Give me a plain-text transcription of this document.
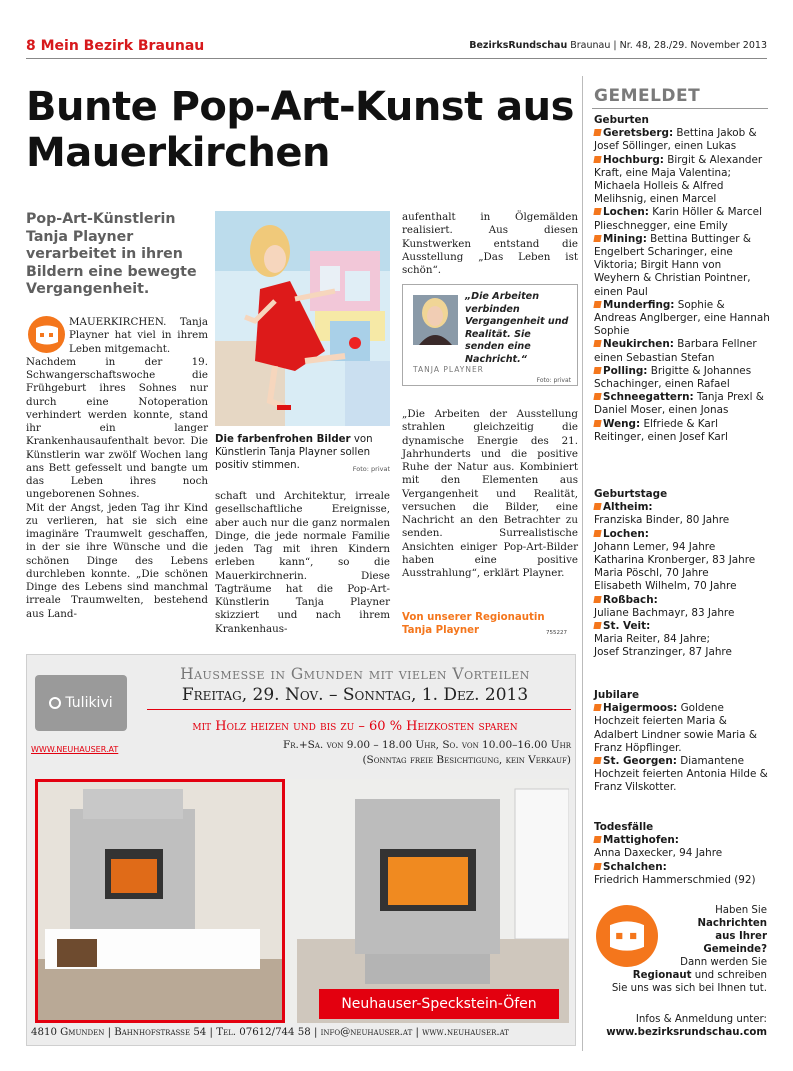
8 Mein Bezirk Braunau	BezirksRundschau Braunau | Nr. 48, 28./29. November 2013
Bunte Pop-Art-Kunst aus Mauerkirchen
Pop-Art-Künstlerin Tanja Playner verarbeitet in ihren Bildern eine bewegte Vergangenheit.

MAUERKIRCHEN. Tanja Playner hat viel in ihrem Leben mitgemacht.

Nachdem in der 19. Schwangerschaftswoche die Frühgeburt ihres Sohnes nur durch eine Notoperation verhindert werden konnte, stand ihr ein langer Krankenhausaufenthalt bevor. Die Künstlerin war zwölf Wochen lang ans Bett gefesselt und bangte um das Leben ihres noch ungeborenen Sohnes.

Mit der Angst, jeden Tag ihr Kind zu verlieren, hat sie sich eine imaginäre Traumwelt geschaffen, in der sie ihre Wünsche und die schönen Dinge des Lebens durchleben konnte. „Die schönen Dinge des Lebens sind manchmal irreale Traumwelten, bestehend aus Land-

Die farbenfrohen Bilder von Künstlerin Tanja Playner sollen positiv stimmen.	Foto: privat
schaft und Architektur, irreale gesellschaftliche Ereignisse, aber auch nur die ganz normalen Dinge, die jede normale Familie jeden Tag mit ihren Kindern erleben kann“, so die Mauerkirchnerin. Diese Tagträume hat die Pop-Art-Künstlerin Tanja Playner skizziert und nach ihrem Krankenhaus-
aufenthalt in Ölgemälden realisiert. Aus diesen Kunstwerken entstand die Ausstellung „Das Leben ist schön“.
„Die Arbeiten verbinden Vergangenheit und Realität. Sie senden eine Nachricht.“
TANJA PLAYNER
Foto: privat
„Die Arbeiten der Ausstellung strahlen gleichzeitig die dynamische Energie des 21. Jahrhunderts und die positive Ruhe der Natur aus. Kombiniert mit den Elementen aus Vergangenheit und Realität, versuchen die Bilder, eine Nachricht an den Betrachter zu senden. Surrealistische Ansichten einiger Pop-Art-Bilder haben eine positive Ausstrahlung“, erklärt Playner.
Von unserer Regionautin
Tanja Playner	755227
GEMELDET
Geburten
Geretsberg: Bettina Jakob & Josef Söllinger, einen Lukas
Hochburg: Birgit & Alexander Kraft, eine Maja Valentina; Michaela Holleis & Alfred Melihsnig, einen Marcel
Lochen: Karin Höller & Marcel Plieschnegger, eine Emily
Mining: Bettina Buttinger & Engelbert Scharinger, eine Viktoria; Birgit Hann von Weyhern & Christian Pointner, einen Paul
Munderfing: Sophie & Andreas Anglberger, eine Hannah Sophie
Neukirchen: Barbara Fellner einen Sebastian Stefan
Polling: Brigitte & Johannes Schachinger, einen Rafael
Schneegattern: Tanja Prexl & Daniel Moser, einen Jonas
Weng: Elfriede & Karl Reitinger, einen Josef Karl
Geburtstage
Altheim:
Franziska Binder, 80 Jahre
Lochen:
Johann Lemer, 94 Jahre
Katharina Kronberger, 83 Jahre
Maria Pöschl, 70 Jahre
Elisabeth Wilhelm, 70 Jahre
Roßbach:
Juliane Bachmayr, 83 Jahre
St. Veit:
Maria Reiter, 84 Jahre;
Josef Stranzinger, 87 Jahre
Jubilare
Haigermoos: Goldene Hochzeit feierten Maria & Adalbert Lindner sowie Maria & Franz Höpflinger.
St. Georgen: Diamantene Hochzeit feierten Antonia Hilde & Franz Vilskotter.
Todesfälle
Mattighofen:
Anna Daxecker, 94 Jahre
Schalchen:
Friedrich Hammerschmied (92)
Haben Sie
Nachrichten
aus Ihrer
Gemeinde?
Dann werden Sie
Regionaut und schreiben
Sie uns was sich bei Ihnen tut.
Infos & Anmeldung unter:
www.bezirksrundschau.com
Tulikivi
WWW.NEUHAUSER.AT
Hausmesse in Gmunden mit vielen Vorteilen
Freitag, 29. Nov. – Sonntag, 1. Dez. 2013
mit Holz heizen und bis zu – 60 % Heizkosten sparen
Fr.+Sa. von 9.00 – 18.00 Uhr, So. von 10.00–16.00 Uhr
(Sonntag freie Besichtigung, kein Verkauf)
Neuhauser-Speckstein-Öfen
4810 Gmunden | Bahnhofstrasse 54 | Tel. 07612/744 58 | info@neuhauser.at | www.neuhauser.at
